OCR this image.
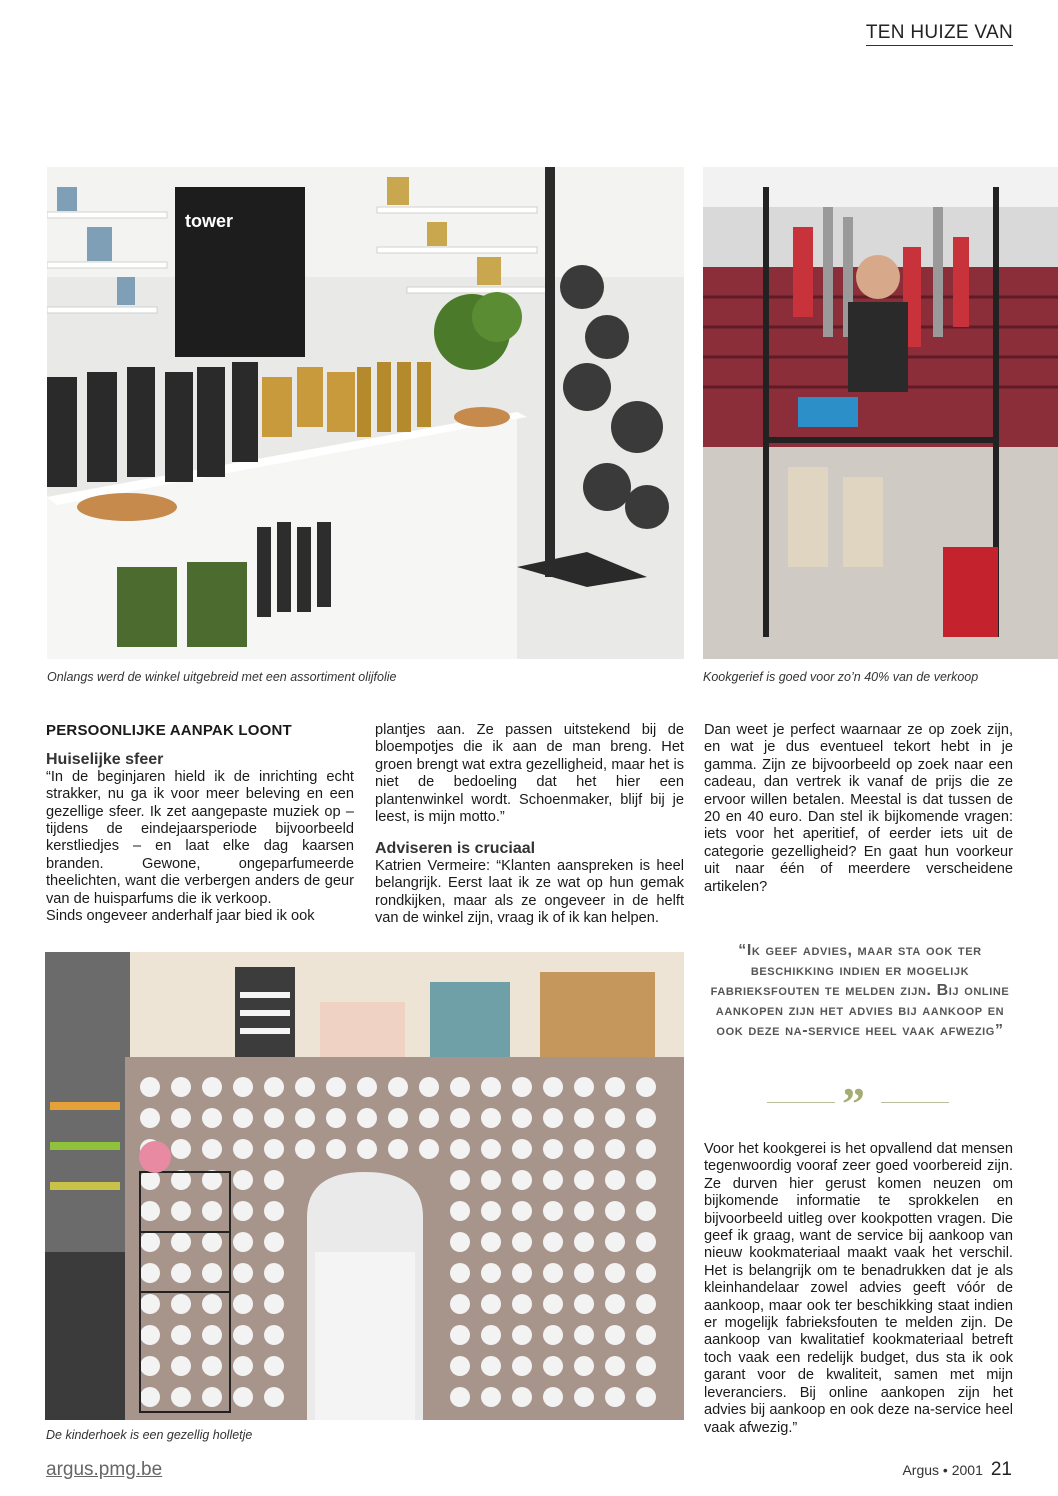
TEN HUIZE VAN
tower
Onlangs werd de winkel uitgebreid met een assortiment olijfolie	Kookgerief is goed voor zo’n 40% van de verkoop
PERSOONLIJKE AANPAK LOONT
Huiselijke sfeer

“In de beginjaren hield ik de inrichting echt strakker, nu ga ik voor meer beleving en een gezellige sfeer. Ik zet aangepaste muziek op – tijdens de eindejaarsperiode bijvoorbeeld kerstliedjes – en laat elke dag kaarsen branden. Gewone, ongeparfumeerde theelichten, want die verbergen anders de geur van de huisparfums die ik verkoop.

Sinds ongeveer anderhalf jaar bied ik ook

plantjes aan. Ze passen uitstekend bij de bloempotjes die ik aan de man breng. Het groen brengt wat extra gezelligheid, maar het is niet de bedoeling dat het hier een plantenwinkel wordt. Schoenmaker, blijf bij je leest, is mijn motto.”

Adviseren is cruciaal

Katrien Vermeire: “Klanten aanspreken is heel belangrijk. Eerst laat ik ze wat op hun gemak rondkijken, maar als ze ongeveer in de helft van de winkel zijn, vraag ik of ik kan helpen.

Dan weet je perfect waarnaar ze op zoek zijn, en wat je dus eventueel tekort hebt in je gamma. Zijn ze bijvoorbeeld op zoek naar een cadeau, dan vertrek ik vanaf de prijs die ze ervoor willen betalen. Meestal is dat tussen de 20 en 40 euro. Dan stel ik bijkomende vragen: iets voor het aperitief, of eerder iets uit de categorie gezelligheid? En gaat hun voorkeur uit naar één of meerdere verscheidene artikelen?

“Ik geef advies, maar sta ook ter beschikking indien er mogelijk fabrieksfouten te melden zijn. Bij online aankopen zijn het advies bij aankoop en ook deze na-service heel vaak afwezig”
”

Voor het kookgerei is het opvallend dat mensen tegenwoordig vooraf zeer goed voorbereid zijn. Ze durven hier gerust komen neuzen om bijkomende informatie te sprokkelen en bijvoorbeeld uitleg over kookpotten vragen. Die geef ik graag, want de service bij aankoop van nieuw kookmateriaal maakt vaak het verschil. Het is belangrijk om te benadrukken dat je als kleinhandelaar zowel advies geeft vóór de aankoop, maar ook ter beschikking staat indien er mogelijk fabrieksfouten te melden zijn. De aankoop van kwalitatief kookmateriaal betreft toch vaak een redelijk budget, dus sta ik ook garant voor de kwaliteit, samen met mijn leveranciers. Bij online aankopen zijn het advies bij aankoop en ook deze na-service heel vaak afwezig.”

De kinderhoek is een gezellig holletje
argus.pmg.be	Argus • 2001 21
